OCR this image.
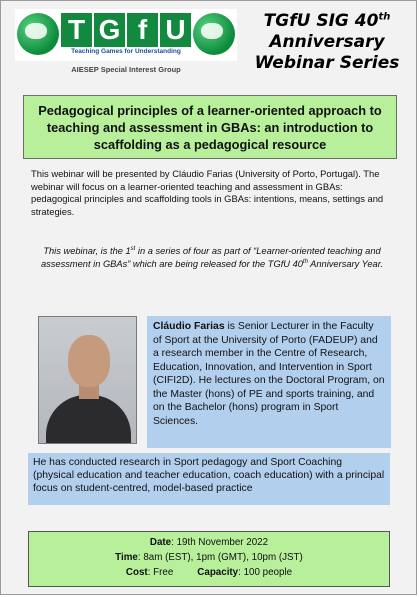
T G f U
Teaching Games for Understanding
AIESEP Special Interest Group
TGfU SIG 40th
Anniversary
Webinar Series
Pedagogical principles of a learner-oriented approach to teaching and assessment in GBAs: an introduction to scaffolding as a pedagogical resource
This webinar will be presented by Cláudio Farias (University of Porto, Portugal). The webinar will focus on a learner-oriented teaching and assessment in GBAs: pedagogical principles and scaffolding tools in GBAs: intentions, means, settings and strategies.
This webinar, is the 1st in a series of four as part of “Learner-oriented teaching and assessment in GBAs” which are being released for the TGfU 40th Anniversary Year.
Cláudio Farias is Senior Lecturer in the Faculty of Sport at the University of Porto (FADEUP) and a research member in the Centre of Research, Education, Innovation, and Intervention in Sport (CIFI2D). He lectures on the Doctoral Program, on the Master (hons) of PE and sports training, and on the Bachelor (hons) program in Sport Sciences.
He has conducted research in Sport pedagogy and Sport Coaching (physical education and teacher education, coach education) with a principal focus on student-centred, model-based practice
Date: 19th November 2022
Time: 8am (EST), 1pm (GMT), 10pm (JST)
Cost: Free Capacity: 100 people
